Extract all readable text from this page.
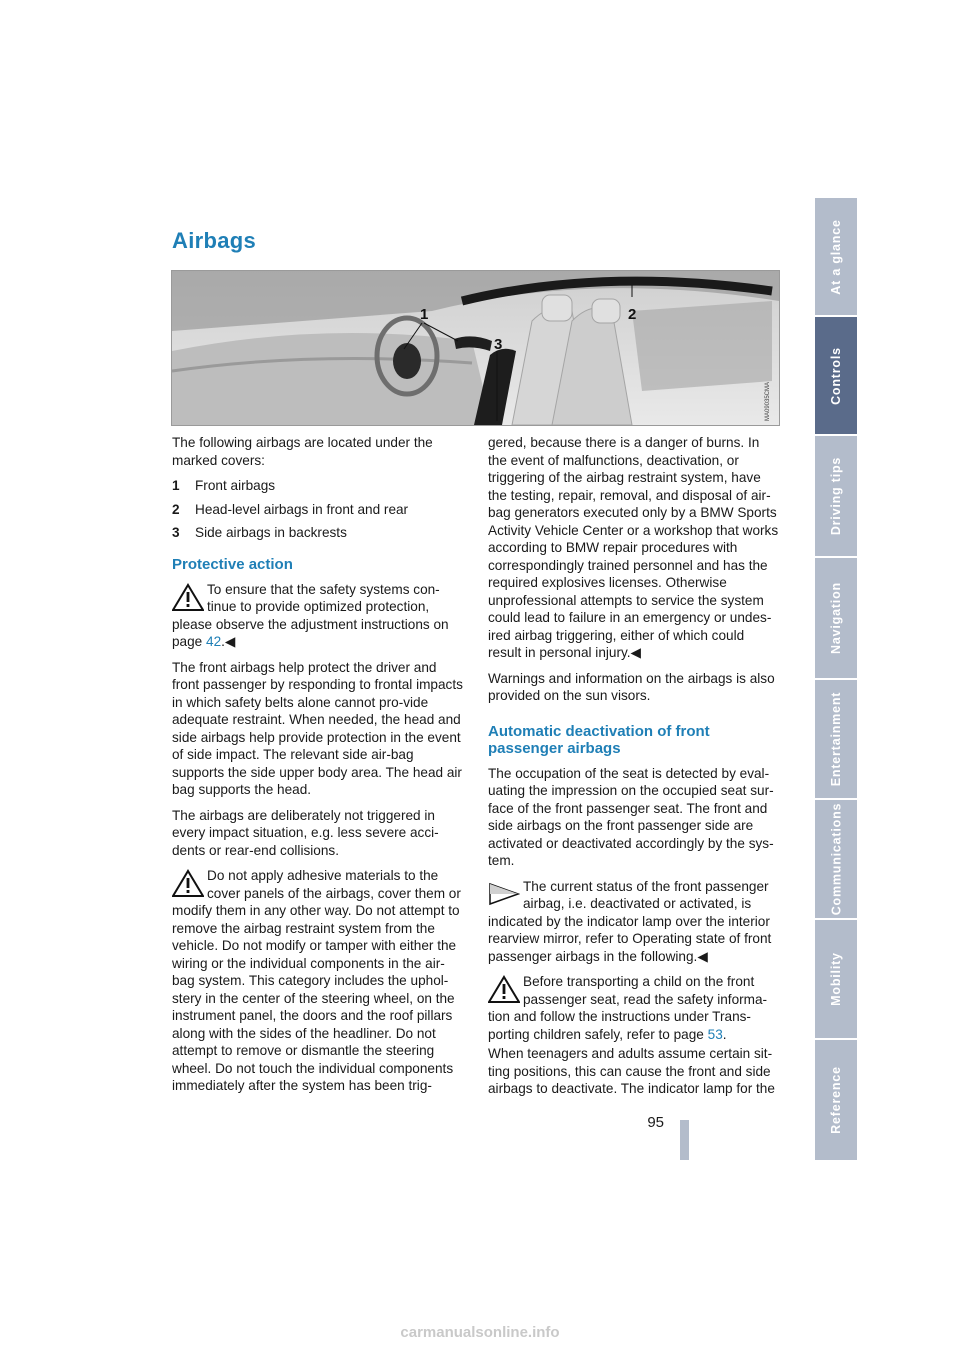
Airbags
1	2
3
MA09035CMA

The following airbags are located under the marked covers:

1	Front airbags
2	Head-level airbags in front and rear
3	Side airbags in backrests
Protective action

To ensure that the safety systems con-
tinue to provide optimized protection,
please observe the adjustment instructions on page 42.◀

The front airbags help protect the driver and front passenger by responding to frontal impacts in which safety belts alone cannot pro-vide adequate restraint. When needed, the head and side airbags help provide protection in the event of side impact. The relevant side air-bag supports the side upper body area. The head air bag supports the head.

The airbags are deliberately not triggered in every impact situation, e.g. less severe acci-dents or rear-end collisions.

Do not apply adhesive materials to the
cover panels of the airbags, cover them or
modify them in any other way. Do not attempt to remove the airbag restraint system from the vehicle. Do not modify or tamper with either the wiring or the individual components in the air-bag system. This category includes the uphol-stery in the center of the steering wheel, on the instrument panel, the doors and the roof pillars along with the sides of the headliner. Do not attempt to remove or dismantle the steering wheel. Do not touch the individual components immediately after the system has been trig-

gered, because there is a danger of burns. In the event of malfunctions, deactivation, or triggering of the airbag restraint system, have the testing, repair, removal, and disposal of air-bag generators executed only by a BMW Sports Activity Vehicle Center or a workshop that works according to BMW repair procedures with correspondingly trained personnel and has the required explosives licenses. Otherwise unprofessional attempts to service the system could lead to failure in an emergency or undes-ired airbag triggering, either of which could result in personal injury.◀

Warnings and information on the airbags is also provided on the sun visors.

Automatic deactivation of front passenger airbags

The occupation of the seat is detected by eval-uating the impression on the occupied seat sur-face of the front passenger seat. The front and side airbags on the front passenger side are activated or deactivated accordingly by the sys-tem.

The current status of the front passenger
airbag, i.e. deactivated or activated, is
indicated by the indicator lamp over the interior rearview mirror, refer to Operating state of front passenger airbags in the following.◀

Before transporting a child on the front
passenger seat, read the safety informa-
tion and follow the instructions under Trans-porting children safely, refer to page 53.

When teenagers and adults assume certain sit-ting positions, this can cause the front and side airbags to deactivate. The indicator lamp for the

At a glance
Controls
Driving tips
Navigation
Entertainment
Communications
Mobility
Reference

95

carmanualsonline.info
